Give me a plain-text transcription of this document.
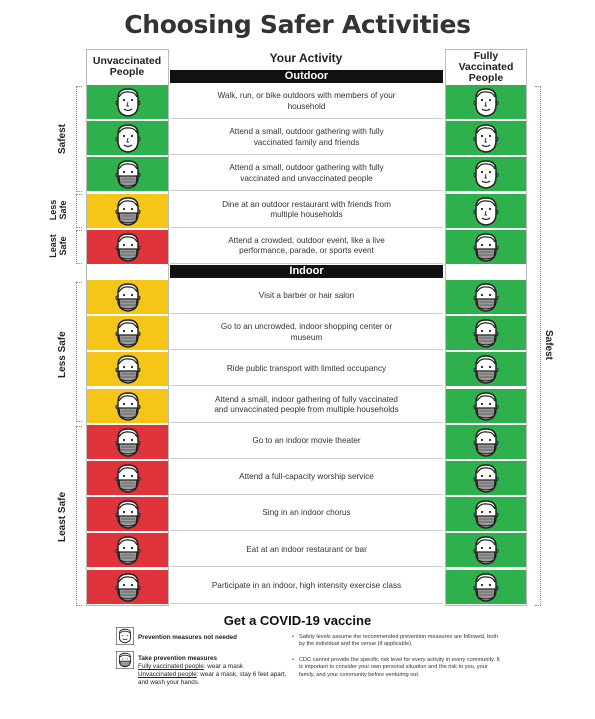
Choosing Safer Activities
Unvaccinated People
Your Activity	Fully Vaccinated People
Outdoor
Indoor
Walk, run, or bike outdoors with members of your household
Attend a small, outdoor gathering with fully vaccinated family and friends
Attend a small, outdoor gathering with fully vaccinated and unvaccinated people
Dine at an outdoor restaurant with friends from multiple households
Attend a crowded, outdoor event, like a live performance, parade, or sports event
Visit a barber or hair salon
Go to an uncrowded, indoor shopping center or museum
Ride public transport with limited occupancy
Attend a small, indoor gathering of fully vaccinated and unvaccinated people from multiple households
Go to an indoor movie theater
Attend a full-capacity worship service
Sing in an indoor chorus
Eat at an indoor restaurant or bar
Participate in an indoor, high intensity exercise class
Safest
Less Safe
Least Safe
Less Safe
Least Safe
Safest
Get a COVID-19 vaccine
Prevention measures not needed
Take prevention measures
Fully vaccinated people: wear a mask
Unvaccinated people: wear a mask, stay 6 feet apart, and wash your hands.
• Safety levels assume the recommended prevention measures are followed, both by the individual and the venue (if applicable).
• CDC cannot provide the specific risk level for every activity in every community. It is important to consider your own personal situation and the risk to you, your family, and your community before venturing out.
